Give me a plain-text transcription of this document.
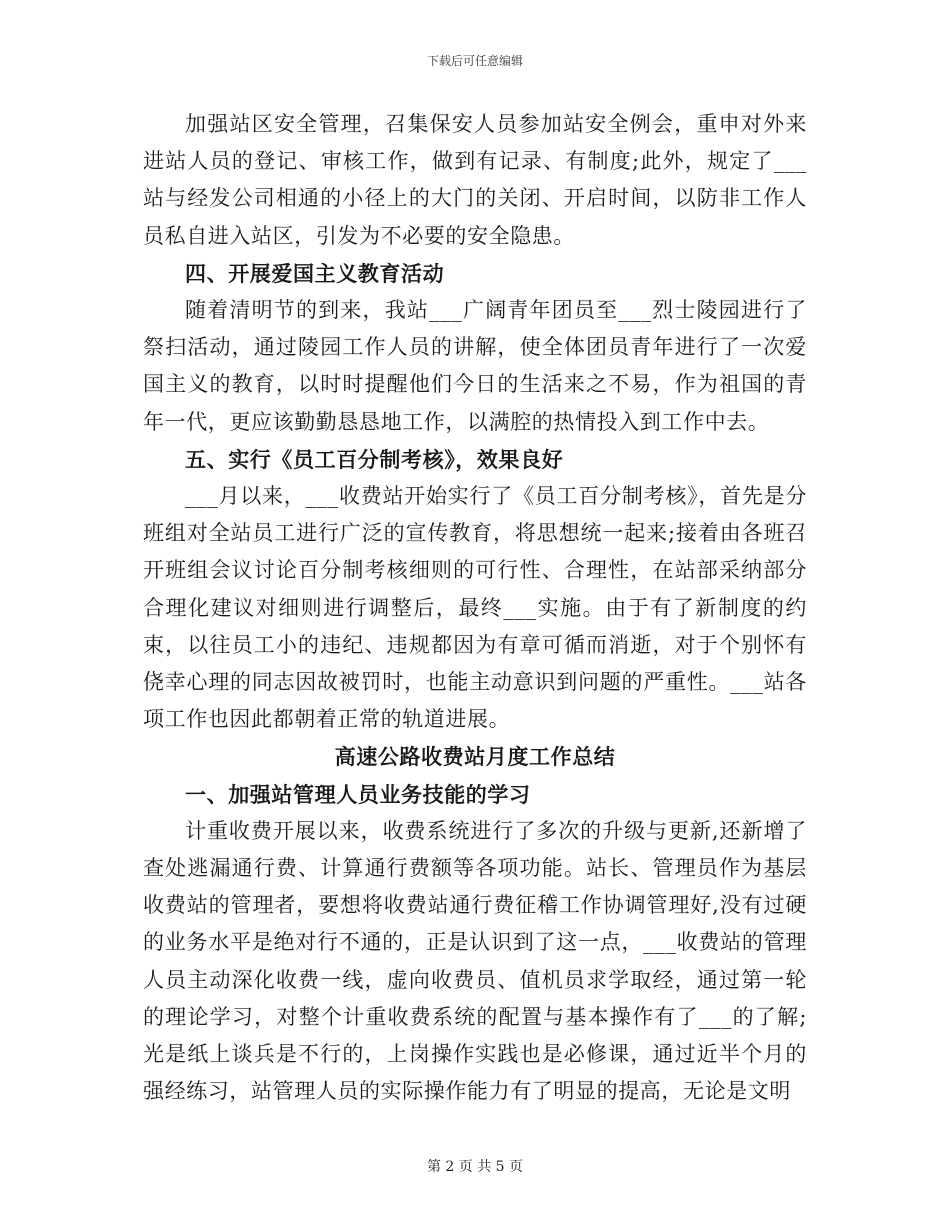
下载后可任意编辑

加强站区安全管理，召集保安人员参加站安全例会，重申对外来进站人员的登记、审核工作，做到有记录、有制度;此外，规定了___站与经发公司相通的小径上的大门的关闭、开启时间，以防非工作人员私自进入站区，引发为不必要的安全隐患。

四、开展爱国主义教育活动

随着清明节的到来，我站___广阔青年团员至___烈士陵园进行了祭扫活动，通过陵园工作人员的讲解，使全体团员青年进行了一次爱国主义的教育，以时时提醒他们今日的生活来之不易，作为祖国的青年一代，更应该勤勤恳恳地工作，以满腔的热情投入到工作中去。

五、实行《员工百分制考核》，效果良好

___月以来，___收费站开始实行了《员工百分制考核》，首先是分班组对全站员工进行广泛的宣传教育，将思想统一起来;接着由各班召开班组会议讨论百分制考核细则的可行性、合理性，在站部采纳部分合理化建议对细则进行调整后，最终___实施。由于有了新制度的约束，以往员工小的违纪、违规都因为有章可循而消逝，对于个别怀有侥幸心理的同志因故被罚时，也能主动意识到问题的严重性。___站各项工作也因此都朝着正常的轨道进展。

高速公路收费站月度工作总结

一、加强站管理人员业务技能的学习

计重收费开展以来，收费系统进行了多次的升级与更新,还新增了查处逃漏通行费、计算通行费额等各项功能。站长、管理员作为基层收费站的管理者，要想将收费站通行费征稽工作协调管理好,没有过硬的业务水平是绝对行不通的，正是认识到了这一点，___收费站的管理人员主动深化收费一线，虚向收费员、值机员求学取经，通过第一轮的理论学习，对整个计重收费系统的配置与基本操作有了___的了解;光是纸上谈兵是不行的，上岗操作实践也是必修课，通过近半个月的强经练习，站管理人员的实际操作能力有了明显的提高，无论是文明

第 2 页 共 5 页
